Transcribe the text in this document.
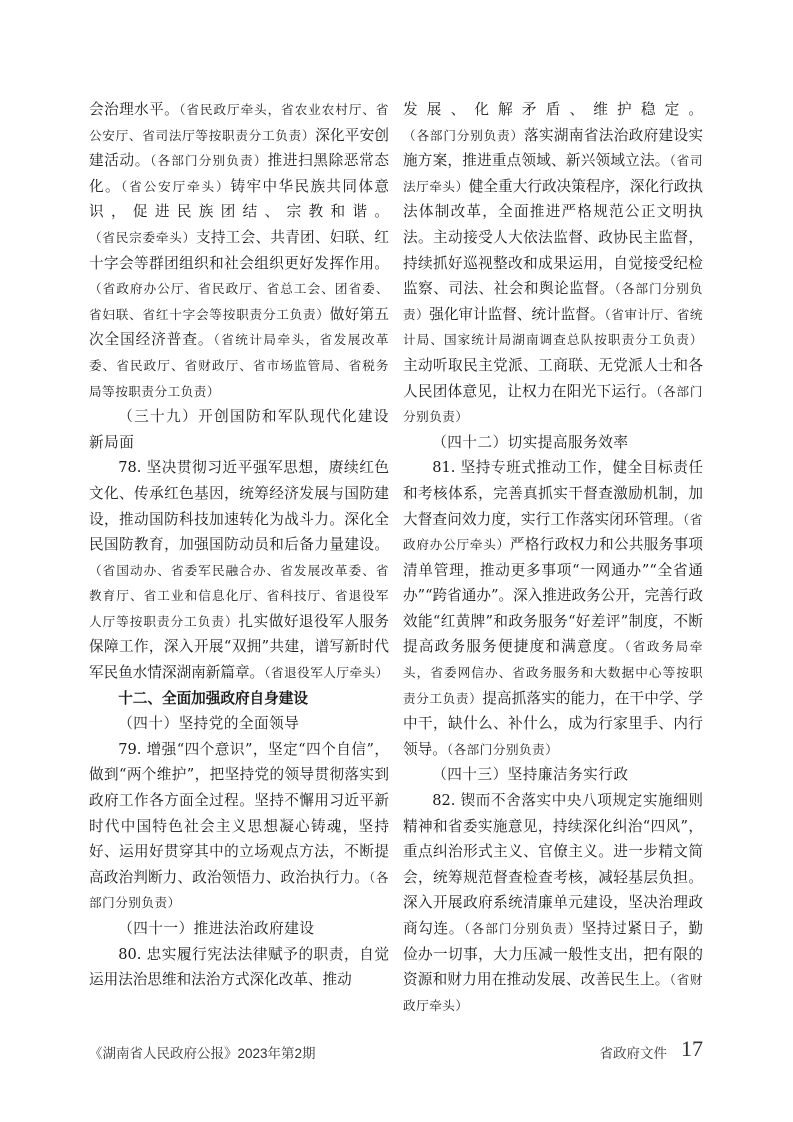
会治理水平。（省民政厅牵头，省农业农村厅、省公安厅、省司法厅等按职责分工负责）深化平安创建活动。（各部门分别负责）推进扫黑除恶常态化。（省公安厅牵头）铸牢中华民族共同体意识，促进民族团结、宗教和谐。（省民宗委牵头）支持工会、共青团、妇联、红十字会等群团组织和社会组织更好发挥作用。（省政府办公厅、省民政厅、省总工会、团省委、省妇联、省红十字会等按职责分工负责）做好第五次全国经济普查。（省统计局牵头，省发展改革委、省民政厅、省财政厅、省市场监管局、省税务局等按职责分工负责）

（三十九）开创国防和军队现代化建设新局面

78. 坚决贯彻习近平强军思想，赓续红色文化、传承红色基因，统筹经济发展与国防建设，推动国防科技加速转化为战斗力。深化全民国防教育，加强国防动员和后备力量建设。（省国动办、省委军民融合办、省发展改革委、省教育厅、省工业和信息化厅、省科技厅、省退役军人厅等按职责分工负责）扎实做好退役军人服务保障工作，深入开展“双拥”共建，谱写新时代军民鱼水情深湖南新篇章。（省退役军人厅牵头）

十二、全面加强政府自身建设

（四十）坚持党的全面领导

79. 增强“四个意识”，坚定“四个自信”，做到“两个维护”，把坚持党的领导贯彻落实到政府工作各方面全过程。坚持不懈用习近平新时代中国特色社会主义思想凝心铸魂，坚持好、运用好贯穿其中的立场观点方法，不断提高政治判断力、政治领悟力、政治执行力。（各部门分别负责）

（四十一）推进法治政府建设

80. 忠实履行宪法法律赋予的职责，自觉运用法治思维和法治方式深化改革、推动

发展、化解矛盾、维护稳定。（各部门分别负责）落实湖南省法治政府建设实施方案，推进重点领域、新兴领域立法。（省司法厅牵头）健全重大行政决策程序，深化行政执法体制改革，全面推进严格规范公正文明执法。主动接受人大依法监督、政协民主监督，持续抓好巡视整改和成果运用，自觉接受纪检监察、司法、社会和舆论监督。（各部门分别负责）强化审计监督、统计监督。（省审计厅、省统计局、国家统计局湖南调查总队按职责分工负责）主动听取民主党派、工商联、无党派人士和各人民团体意见，让权力在阳光下运行。（各部门分别负责）

（四十二）切实提高服务效率

81. 坚持专班式推动工作，健全目标责任和考核体系，完善真抓实干督查激励机制，加大督查问效力度，实行工作落实闭环管理。（省政府办公厅牵头）严格行政权力和公共服务事项清单管理，推动更多事项“一网通办”“全省通办”“跨省通办”。深入推进政务公开，完善行政效能“红黄牌”和政务服务“好差评”制度，不断提高政务服务便捷度和满意度。（省政务局牵头，省委网信办、省政务服务和大数据中心等按职责分工负责）提高抓落实的能力，在干中学、学中干，缺什么、补什么，成为行家里手、内行领导。（各部门分别负责）

（四十三）坚持廉洁务实行政

82. 锲而不舍落实中央八项规定实施细则精神和省委实施意见，持续深化纠治“四风”，重点纠治形式主义、官僚主义。进一步精文简会，统筹规范督查检查考核，减轻基层负担。深入开展政府系统清廉单元建设，坚决治理政商勾连。（各部门分别负责）坚持过紧日子，勤俭办一切事，大力压减一般性支出，把有限的资源和财力用在推动发展、改善民生上。（省财政厅牵头）

《湖南省人民政府公报》2023年第2期	省政府文件 17
